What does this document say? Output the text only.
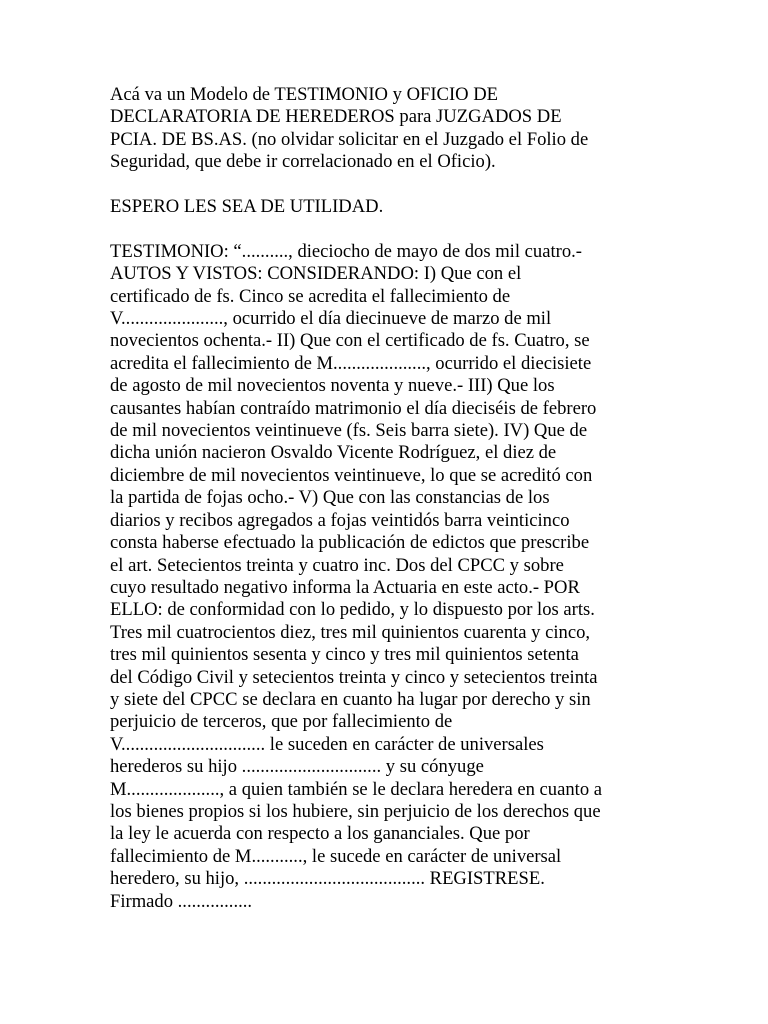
Acá va un Modelo de TESTIMONIO y OFICIO DE
DECLARATORIA DE HEREDEROS para JUZGADOS DE
PCIA. DE BS.AS. (no olvidar solicitar en el Juzgado el Folio de
Seguridad, que debe ir correlacionado en el Oficio).
ESPERO LES SEA DE UTILIDAD.
TESTIMONIO: “.........., dieciocho de mayo de dos mil cuatro.-
AUTOS Y VISTOS: CONSIDERANDO: I) Que con el
certificado de fs. Cinco se acredita el fallecimiento de
V......................, ocurrido el día diecinueve de marzo de mil
novecientos ochenta.- II) Que con el certificado de fs. Cuatro, se
acredita el fallecimiento de M...................., ocurrido el diecisiete
de agosto de mil novecientos noventa y nueve.- III) Que los
causantes habían contraído matrimonio el día dieciséis de febrero
de mil novecientos veintinueve (fs. Seis barra siete). IV) Que de
dicha unión nacieron Osvaldo Vicente Rodríguez, el diez de
diciembre de mil novecientos veintinueve, lo que se acreditó con
la partida de fojas ocho.- V) Que con las constancias de los
diarios y recibos agregados a fojas veintidós barra veinticinco
consta haberse efectuado la publicación de edictos que prescribe
el art. Setecientos treinta y cuatro inc. Dos del CPCC y sobre
cuyo resultado negativo informa la Actuaria en este acto.- POR
ELLO: de conformidad con lo pedido, y lo dispuesto por los arts.
Tres mil cuatrocientos diez, tres mil quinientos cuarenta y cinco,
tres mil quinientos sesenta y cinco y tres mil quinientos setenta
del Código Civil y setecientos treinta y cinco y setecientos treinta
y siete del CPCC se declara en cuanto ha lugar por derecho y sin
perjuicio de terceros, que por fallecimiento de
V............................... le suceden en carácter de universales
herederos su hijo .............................. y su cónyuge
M...................., a quien también se le declara heredera en cuanto a
los bienes propios si los hubiere, sin perjuicio de los derechos que
la ley le acuerda con respecto a los gananciales. Que por
fallecimiento de M..........., le sucede en carácter de universal
heredero, su hijo, ....................................... REGISTRESE.
Firmado ................
